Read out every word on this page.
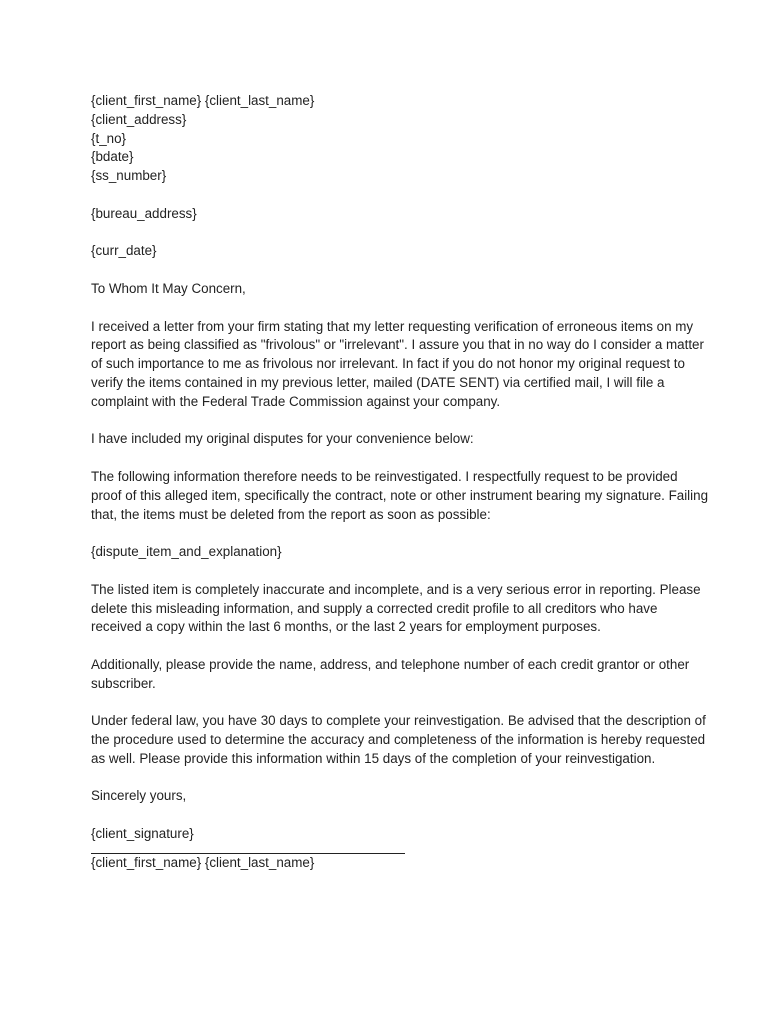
{client_first_name} {client_last_name}
{client_address}
{t_no}
{bdate}
{ss_number}
{bureau_address}
{curr_date}
To Whom It May Concern,

I received a letter from your firm stating that my letter requesting verification of erroneous items on my report as being classified as "frivolous" or "irrelevant". I assure you that in no way do I consider a matter of such importance to me as frivolous nor irrelevant. In fact if you do not honor my original request to verify the items contained in my previous letter, mailed (DATE SENT) via certified mail, I will file a complaint with the Federal Trade Commission against your company.

I have included my original disputes for your convenience below:

The following information therefore needs to be reinvestigated. I respectfully request to be provided proof of this alleged item, specifically the contract, note or other instrument bearing my signature. Failing that, the items must be deleted from the report as soon as possible:

{dispute_item_and_explanation}

The listed item is completely inaccurate and incomplete, and is a very serious error in reporting. Please delete this misleading information, and supply a corrected credit profile to all creditors who have received a copy within the last 6 months, or the last 2 years for employment purposes.

Additionally, please provide the name, address, and telephone number of each credit grantor or other subscriber.

Under federal law, you have 30 days to complete your reinvestigation. Be advised that the description of the procedure used to determine the accuracy and completeness of the information is hereby requested as well. Please provide this information within 15 days of the completion of your reinvestigation.

Sincerely yours,
{client_signature}
{client_first_name} {client_last_name}
